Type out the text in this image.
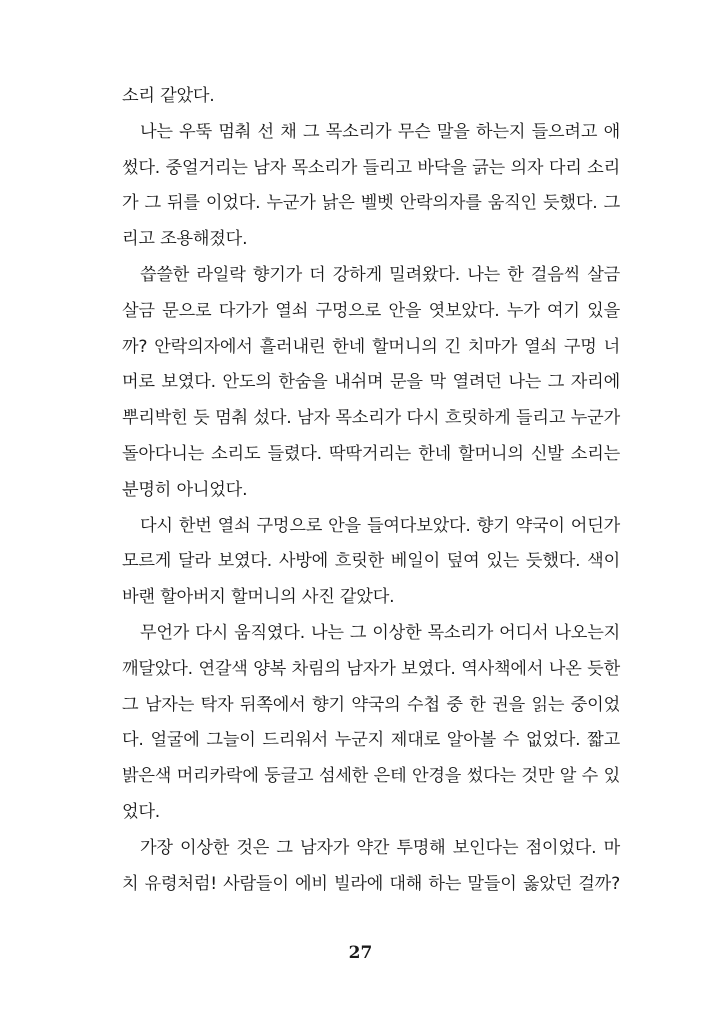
소리 같았다.
나는 우뚝 멈춰 선 채 그 목소리가 무슨 말을 하는지 들으려고 애
썼다. 중얼거리는 남자 목소리가 들리고 바닥을 긁는 의자 다리 소리
가 그 뒤를 이었다. 누군가 낡은 벨벳 안락의자를 움직인 듯했다. 그
리고 조용해졌다.
씁쓸한 라일락 향기가 더 강하게 밀려왔다. 나는 한 걸음씩 살금
살금 문으로 다가가 열쇠 구멍으로 안을 엿보았다. 누가 여기 있을
까? 안락의자에서 흘러내린 한네 할머니의 긴 치마가 열쇠 구멍 너
머로 보였다. 안도의 한숨을 내쉬며 문을 막 열려던 나는 그 자리에
뿌리박힌 듯 멈춰 섰다. 남자 목소리가 다시 흐릿하게 들리고 누군가
돌아다니는 소리도 들렸다. 딱딱거리는 한네 할머니의 신발 소리는
분명히 아니었다.
다시 한번 열쇠 구멍으로 안을 들여다보았다. 향기 약국이 어딘가
모르게 달라 보였다. 사방에 흐릿한 베일이 덮여 있는 듯했다. 색이
바랜 할아버지 할머니의 사진 같았다.
무언가 다시 움직였다. 나는 그 이상한 목소리가 어디서 나오는지
깨달았다. 연갈색 양복 차림의 남자가 보였다. 역사책에서 나온 듯한
그 남자는 탁자 뒤쪽에서 향기 약국의 수첩 중 한 권을 읽는 중이었
다. 얼굴에 그늘이 드리워서 누군지 제대로 알아볼 수 없었다. 짧고
밝은색 머리카락에 둥글고 섬세한 은테 안경을 썼다는 것만 알 수 있
었다.
가장 이상한 것은 그 남자가 약간 투명해 보인다는 점이었다. 마
치 유령처럼! 사람들이 에비 빌라에 대해 하는 말들이 옳았던 걸까?
27
